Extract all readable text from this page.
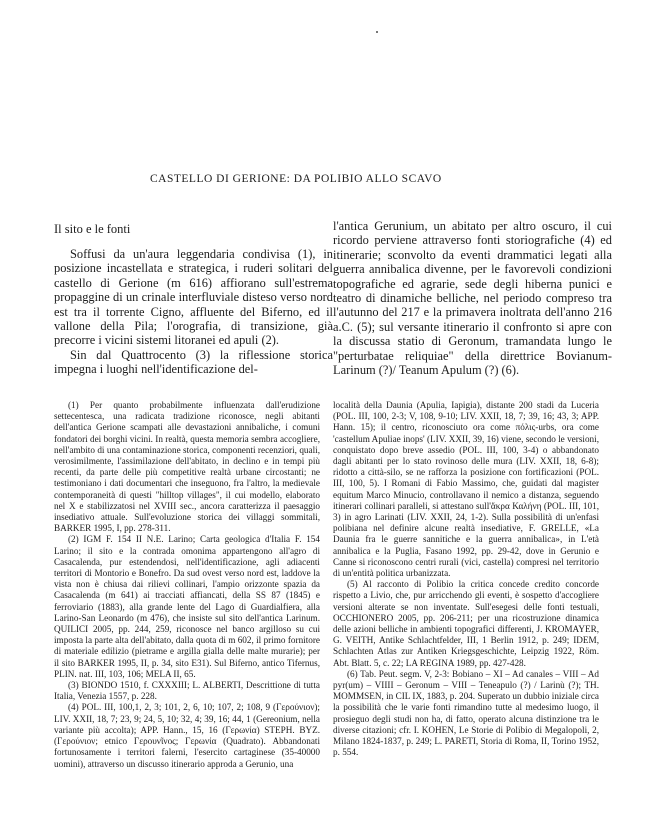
CASTELLO DI GERIONE: DA POLIBIO ALLO SCAVO
Il sito e le fonti

Soffusi da un'aura leggendaria condivisa (1), in posizione incastellata e strategica, i ruderi solitari del castello di Gerione (m 616) affiorano sull'estrema propaggine di un crinale interfluviale disteso verso nord est tra il torrente Cigno, affluente del Biferno, ed il vallone della Pila; l'orografia, di transizione, già precorre i vicini sistemi litoranei ed apuli (2).

Sin dal Quattrocento (3) la riflessione storica impegna i luoghi nell'identificazione del-

l'antica Gerunium, un abitato per altro oscuro, il cui ricordo perviene attraverso fonti storiografiche (4) ed itinerarie; sconvolto da eventi drammatici legati alla guerra annibalica divenne, per le favorevoli condizioni topografiche ed agrarie, sede degli hiberna punici e teatro di dinamiche belliche, nel periodo compreso tra l'autunno del 217 e la primavera inoltrata dell'anno 216 a.C. (5); sul versante itinerario il confronto si apre con la discussa statio di Geronum, tramandata lungo le "perturbatae reliquiae" della direttrice Bovianum- Larinum (?)/ Teanum Apulum (?) (6).

(1) Per quanto probabilmente influenzata dall'erudizione settecentesca, una radicata tradizione riconosce, negli abitanti dell'antica Gerione scampati alle devastazioni annibaliche, i comuni fondatori dei borghi vicini. In realtà, questa memoria sembra accogliere, nell'ambito di una contaminazione storica, componenti recenziori, quali, verosimilmente, l'assimilazione dell'abitato, in declino e in tempi più recenti, da parte delle più competitive realtà urbane circostanti; ne testimoniano i dati documentari che inseguono, fra l'altro, la medievale contemporaneità di questi "hilltop villages", il cui modello, elaborato nel X e stabilizzatosi nel XVIII sec., ancora caratterizza il paesaggio insediativo attuale. Sull'evoluzione storica dei villaggi sommitali, BARKER 1995, I, pp. 278-311.

(2) IGM F. 154 II N.E. Larino; Carta geologica d'Italia F. 154 Larino; il sito e la contrada omonima appartengono all'agro di Casacalenda, pur estendendosi, nell'identificazione, agli adiacenti territori di Montorio e Bonefro. Da sud ovest verso nord est, laddove la vista non è chiusa dai rilievi collinari, l'ampio orizzonte spazia da Casacalenda (m 641) ai tracciati affiancati, della SS 87 (1845) e ferroviario (1883), alla grande lente del Lago di Guardialfiera, alla Larino-San Leonardo (m 476), che insiste sul sito dell'antica Larinum. QUILICI 2005, pp. 244, 259, riconosce nel banco argilloso su cui imposta la parte alta dell'abitato, dalla quota di m 602, il primo fornitore di materiale edilizio (pietrame e argilla gialla delle malte murarie); per il sito BARKER 1995, II, p. 34, sito E31). Sul Biferno, antico Tifernus, PLIN. nat. III, 103, 106; MELA II, 65.

(3) BIONDO 1510, f. CXXXIII; L. ALBERTI, Descrittione di tutta Italia, Venezia 1557, p. 228.

(4) POL. III, 100,1, 2, 3; 101, 2, 6, 10; 107, 2; 108, 9 (Γερούνιον); LIV. XXII, 18, 7; 23, 9; 24, 5, 10; 32, 4; 39, 16; 44, 1 (Gereonium, nella variante più accolta); APP. Hann., 15, 16 (Γερωνία) STEPH. BYZ. (Γερούνιον; etnico Γερουνῖνος; Γερωνία (Quadrato). Abbandonati fortunosamente i territori falerni, l'esercito cartaginese (35-40000 uomini), attraverso un discusso itinerario approda a Gerunio, una

località della Daunia (Apulia, Iapigia), distante 200 stadi da Luceria (POL. III, 100, 2-3; V, 108, 9-10; LIV. XXII, 18, 7; 39, 16; 43, 3; APP. Hann. 15); il centro, riconosciuto ora come πόλις-urbs, ora come 'castellum Apuliae inops' (LIV. XXII, 39, 16) viene, secondo le versioni, conquistato dopo breve assedio (POL. III, 100, 3-4) o abbandonato dagli abitanti per lo stato rovinoso delle mura (LIV. XXII, 18, 6-8); ridotto a città-silo, se ne rafforza la posizione con fortificazioni (POL. III, 100, 5). I Romani di Fabio Massimo, che, guidati dal magister equitum Marco Minucio, controllavano il nemico a distanza, seguendo itinerari collinari paralleli, si attestano sull'ἄκρα Καλήνη (POL. III, 101, 3) in agro Larinati (LIV. XXII, 24, 1-2). Sulla possibilità di un'enfasi polibiana nel definire alcune realtà insediative, F. GRELLE, «La Daunia fra le guerre sannitiche e la guerra annibalica», in L'età annibalica e la Puglia, Fasano 1992, pp. 29-42, dove in Gerunio e Canne si riconoscono centri rurali (vici, castella) compresi nel territorio di un'entità politica urbanizzata.

(5) Al racconto di Polibio la critica concede credito concorde rispetto a Livio, che, pur arricchendo gli eventi, è sospetto d'accogliere versioni alterate se non inventate. Sull'esegesi delle fonti testuali, OCCHIONERO 2005, pp. 206-211; per una ricostruzione dinamica delle azioni belliche in ambienti topografici differenti, J. KROMAYER, G. VEITH, Antike Schlachtfelder, III, 1 Berlin 1912, p. 249; IDEM, Schlachten Atlas zur Antiken Kriegsgeschichte, Leipzig 1922, Röm. Abt. Blatt. 5, c. 22; LA REGINA 1989, pp. 427-428.

(6) Tab. Peut. segm. V, 2-3: Bobiano – XI – Ad canales – VIII – Ad pyr(um) – VIIII – Geronum – VIII – Teneapulo (?) / Larinù (?); TH. MOMMSEN, in CIL IX, 1883, p. 204. Superato un dubbio iniziale circa la possibilità che le varie fonti rimandino tutte al medesimo luogo, il prosieguo degli studi non ha, di fatto, operato alcuna distinzione tra le diverse citazioni; cfr. I. KOHEN, Le Storie di Polibio di Megalopoli, 2, Milano 1824-1837, p. 249; L. PARETI, Storia di Roma, II, Torino 1952, p. 554.
